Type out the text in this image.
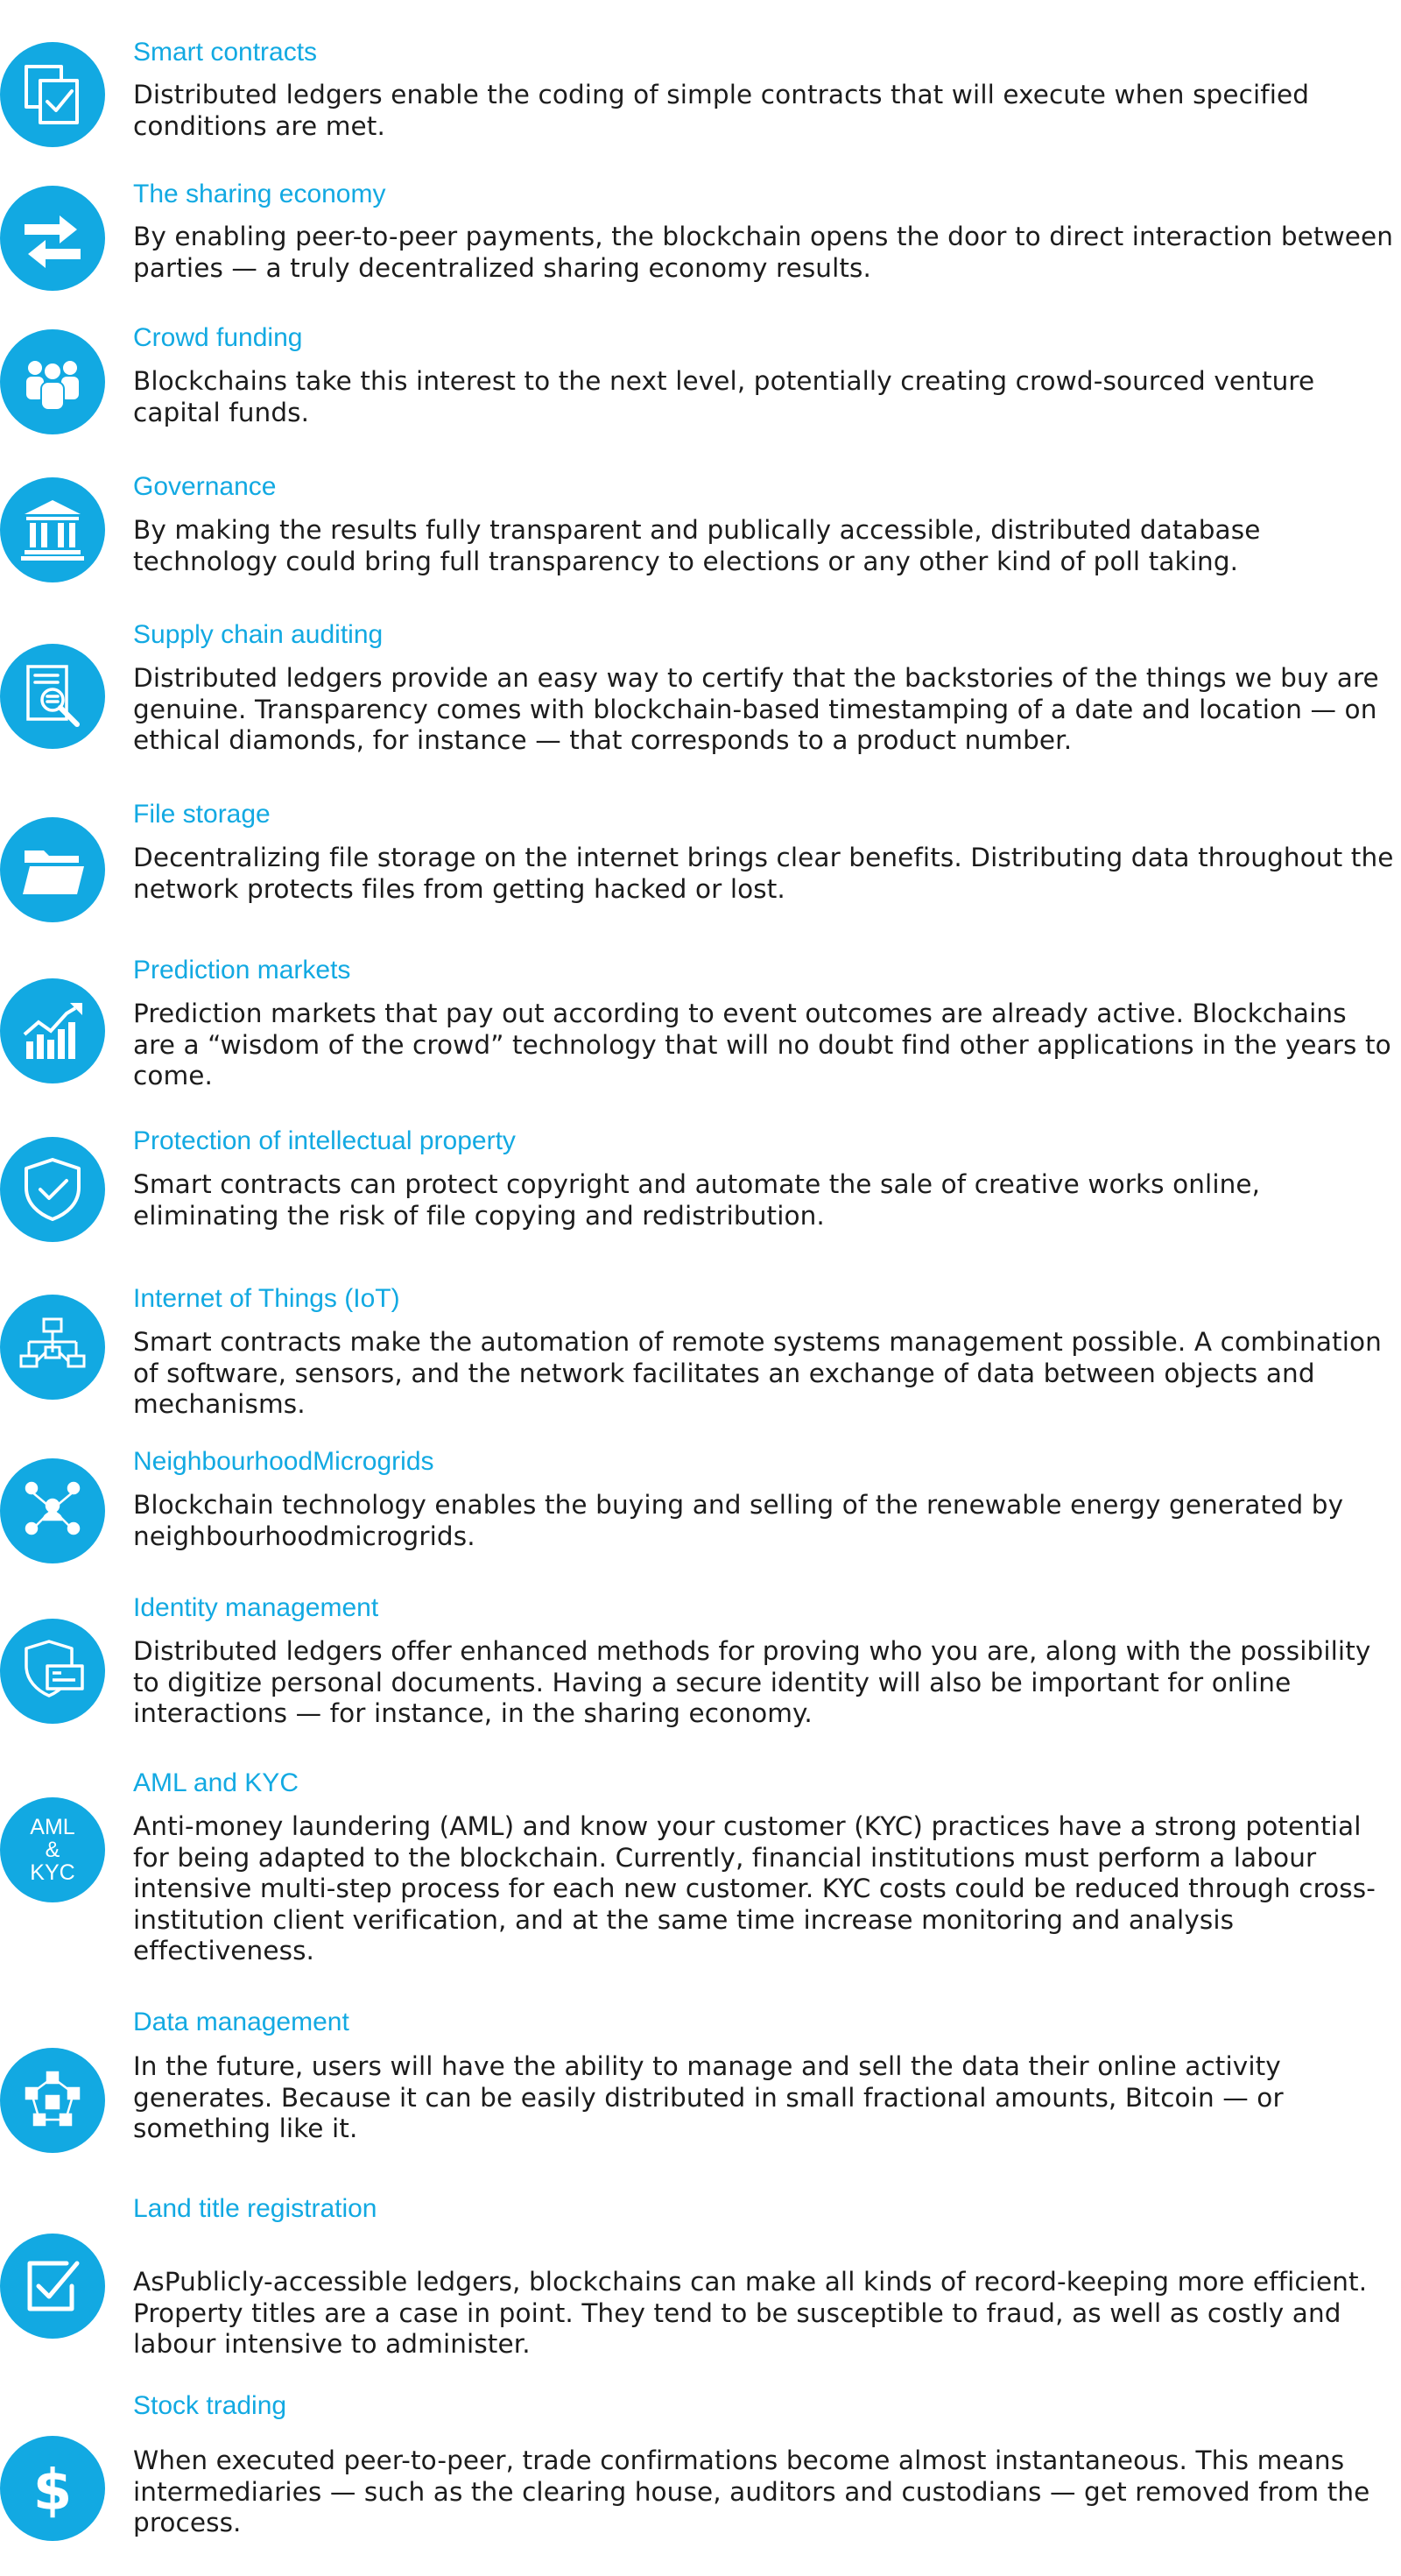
Smart contracts
Distributed ledgers enable the coding of simple contracts that will execute when specified conditions are met.
The sharing economy
By enabling peer-to-peer payments, the blockchain opens the door to direct interaction between parties — a truly decentralized sharing economy results.
Crowd funding
Blockchains take this interest to the next level, potentially creating crowd-sourced venture capital funds.
Governance
By making the results fully transparent and publically accessible, distributed database technology could bring full transparency to elections or any other kind of poll taking.
Supply chain auditing
Distributed ledgers provide an easy way to certify that the backstories of the things we buy are genuine. Transparency comes with blockchain-based timestamping of a date and location — on ethical diamonds, for instance — that corresponds to a product number.
File storage
Decentralizing file storage on the internet brings clear benefits. Distributing data throughout the network protects files from getting hacked or lost.
Prediction markets
Prediction markets that pay out according to event outcomes are already active. Blockchains are a “wisdom of the crowd” technology that will no doubt find other applications in the years to come.
Protection of intellectual property
Smart contracts can protect copyright and automate the sale of creative works online, eliminating the risk of file copying and redistribution.
Internet of Things (IoT)
Smart contracts make the automation of remote systems management possible. A combination of software, sensors, and the network facilitates an exchange of data between objects and mechanisms.
NeighbourhoodMicrogrids
Blockchain technology enables the buying and selling of the renewable energy generated by neighbourhoodmicrogrids.
Identity management
Distributed ledgers offer enhanced methods for proving who you are, along with the possibility to digitize personal documents. Having a secure identity will also be important for online interactions — for instance, in the sharing economy.
AML
&
KYC
AML and KYC
Anti-money laundering (AML) and know your customer (KYC) practices have a strong potential for being adapted to the blockchain. Currently, financial institutions must perform a labour intensive multi-step process for each new customer. KYC costs could be reduced through cross-institution client verification, and at the same time increase monitoring and analysis effectiveness.
Data management
In the future, users will have the ability to manage and sell the data their online activity generates. Because it can be easily distributed in small fractional amounts, Bitcoin — or something like it.
Land title registration
AsPublicly-accessible ledgers, blockchains can make all kinds of record-keeping more efficient. Property titles are a case in point. They tend to be susceptible to fraud, as well as costly and labour intensive to administer.
$
Stock trading
When executed peer-to-peer, trade confirmations become almost instantaneous. This means intermediaries — such as the clearing house, auditors and custodians — get removed from the process.
